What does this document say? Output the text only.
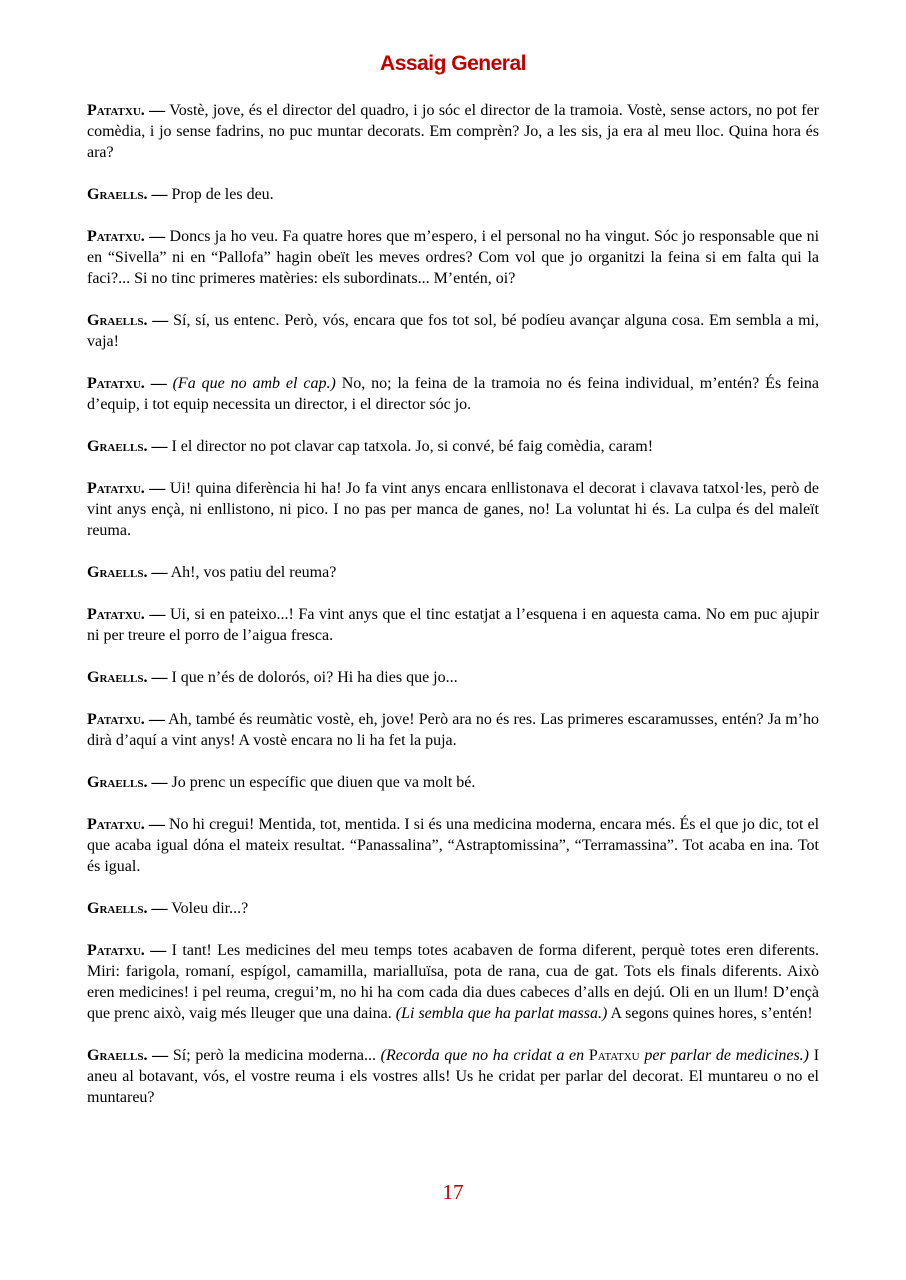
Assaig General

Patatxu. — Vostè, jove, és el director del quadro, i jo sóc el director de la tramoia. Vostè, sense actors, no pot fer comèdia, i jo sense fadrins, no puc muntar decorats. Em comprèn? Jo, a les sis, ja era al meu lloc. Quina hora és ara?

Graells. — Prop de les deu.

Patatxu. — Doncs ja ho veu. Fa quatre hores que m’espero, i el personal no ha vingut. Sóc jo responsable que ni en “Sivella” ni en “Pallofa” hagin obeït les meves ordres? Com vol que jo organitzi la feina si em falta qui la faci?... Si no tinc primeres matèries: els subordinats... M’entén, oi?

Graells. — Sí, sí, us entenc. Però, vós, encara que fos tot sol, bé podíeu avançar alguna cosa. Em sembla a mi, vaja!

Patatxu. — (Fa que no amb el cap.) No, no; la feina de la tramoia no és feina individual, m’entén? És feina d’equip, i tot equip necessita un director, i el director sóc jo.

Graells. — I el director no pot clavar cap tatxola. Jo, si convé, bé faig comèdia, caram!

Patatxu. — Ui! quina diferència hi ha! Jo fa vint anys encara enllistonava el decorat i clavava tatxol·les, però de vint anys ençà, ni enllistono, ni pico. I no pas per manca de ganes, no! La voluntat hi és. La culpa és del maleït reuma.

Graells. — Ah!, vos patiu del reuma?

Patatxu. — Ui, si en pateixo...! Fa vint anys que el tinc estatjat a l’esquena i en aquesta cama. No em puc ajupir ni per treure el porro de l’aigua fresca.

Graells. — I que n’és de dolorós, oi? Hi ha dies que jo...

Patatxu. — Ah, també és reumàtic vostè, eh, jove! Però ara no és res. Las primeres escaramusses, entén? Ja m’ho dirà d’aquí a vint anys! A vostè encara no li ha fet la puja.

Graells. — Jo prenc un específic que diuen que va molt bé.

Patatxu. — No hi cregui! Mentida, tot, mentida. I si és una medicina moderna, encara més. És el que jo dic, tot el que acaba igual dóna el mateix resultat. “Panassalina”, “Astraptomissina”, “Terramassina”. Tot acaba en ina. Tot és igual.

Graells. — Voleu dir...?

Patatxu. — I tant! Les medicines del meu temps totes acabaven de forma diferent, perquè totes eren diferents. Miri: farigola, romaní, espígol, camamilla, marialluïsa, pota de rana, cua de gat. Tots els finals diferents. Això eren medicines! i pel reuma, cregui’m, no hi ha com cada dia dues cabeces d’alls en dejú. Oli en un llum! D’ençà que prenc això, vaig més lleuger que una daina. (Li sembla que ha parlat massa.) A segons quines hores, s’entén!

Graells. — Sí; però la medicina moderna... (Recorda que no ha cridat a en Patatxu per parlar de medicines.) I aneu al botavant, vós, el vostre reuma i els vostres alls! Us he cridat per parlar del decorat. El muntareu o no el muntareu?

17
